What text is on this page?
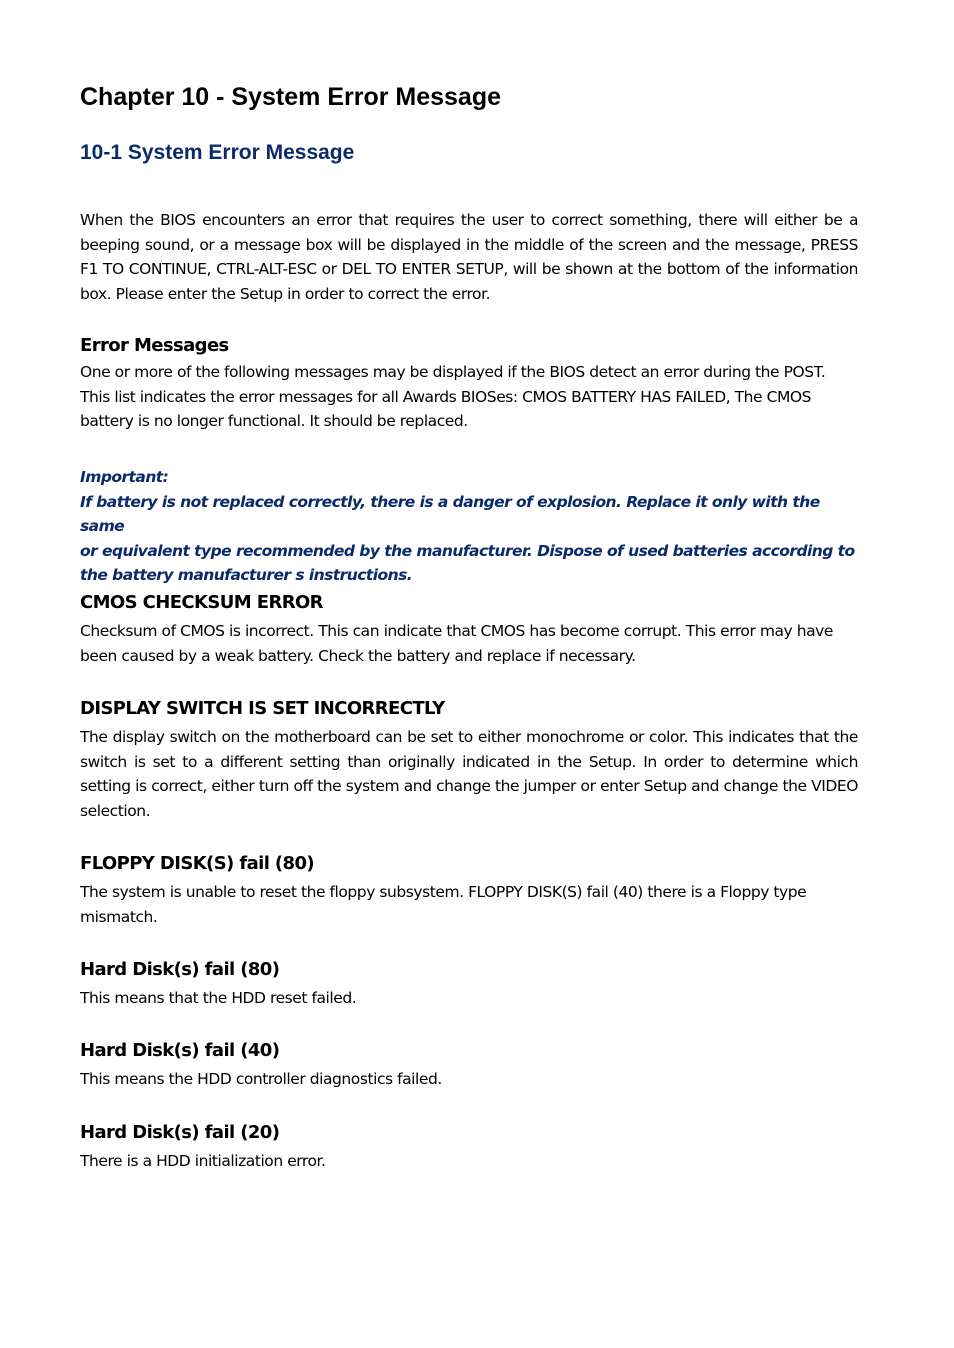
Chapter 10 - System Error Message
10-1 System Error Message

When the BIOS encounters an error that requires the user to correct something, there will either be a beeping sound, or a message box will be displayed in the middle of the screen and the message, PRESS F1 TO CONTINUE, CTRL-ALT-ESC or DEL TO ENTER SETUP, will be shown at the bottom of the information box. Please enter the Setup in order to correct the error.

Error Messages

One or more of the following messages may be displayed if the BIOS detect an error during the POST. This list indicates the error messages for all Awards BIOSes: CMOS BATTERY HAS FAILED, The CMOS battery is no longer functional. It should be replaced.

Important:

If battery is not replaced correctly, there is a danger of explosion. Replace it only with the same

or equivalent type recommended by the manufacturer. Dispose of used batteries according to

the battery manufacturer s instructions.

CMOS CHECKSUM ERROR

Checksum of CMOS is incorrect. This can indicate that CMOS has become corrupt. This error may have been caused by a weak battery. Check the battery and replace if necessary.

DISPLAY SWITCH IS SET INCORRECTLY

The display switch on the motherboard can be set to either monochrome or color. This indicates that the switch is set to a different setting than originally indicated in the Setup. In order to determine which setting is correct, either turn off the system and change the jumper or enter Setup and change the VIDEO selection.

FLOPPY DISK(S) fail (80)

The system is unable to reset the floppy subsystem. FLOPPY DISK(S) fail (40) there is a Floppy type mismatch.

Hard Disk(s) fail (80)

This means that the HDD reset failed.

Hard Disk(s) fail (40)

This means the HDD controller diagnostics failed.

Hard Disk(s) fail (20)

There is a HDD initialization error.
